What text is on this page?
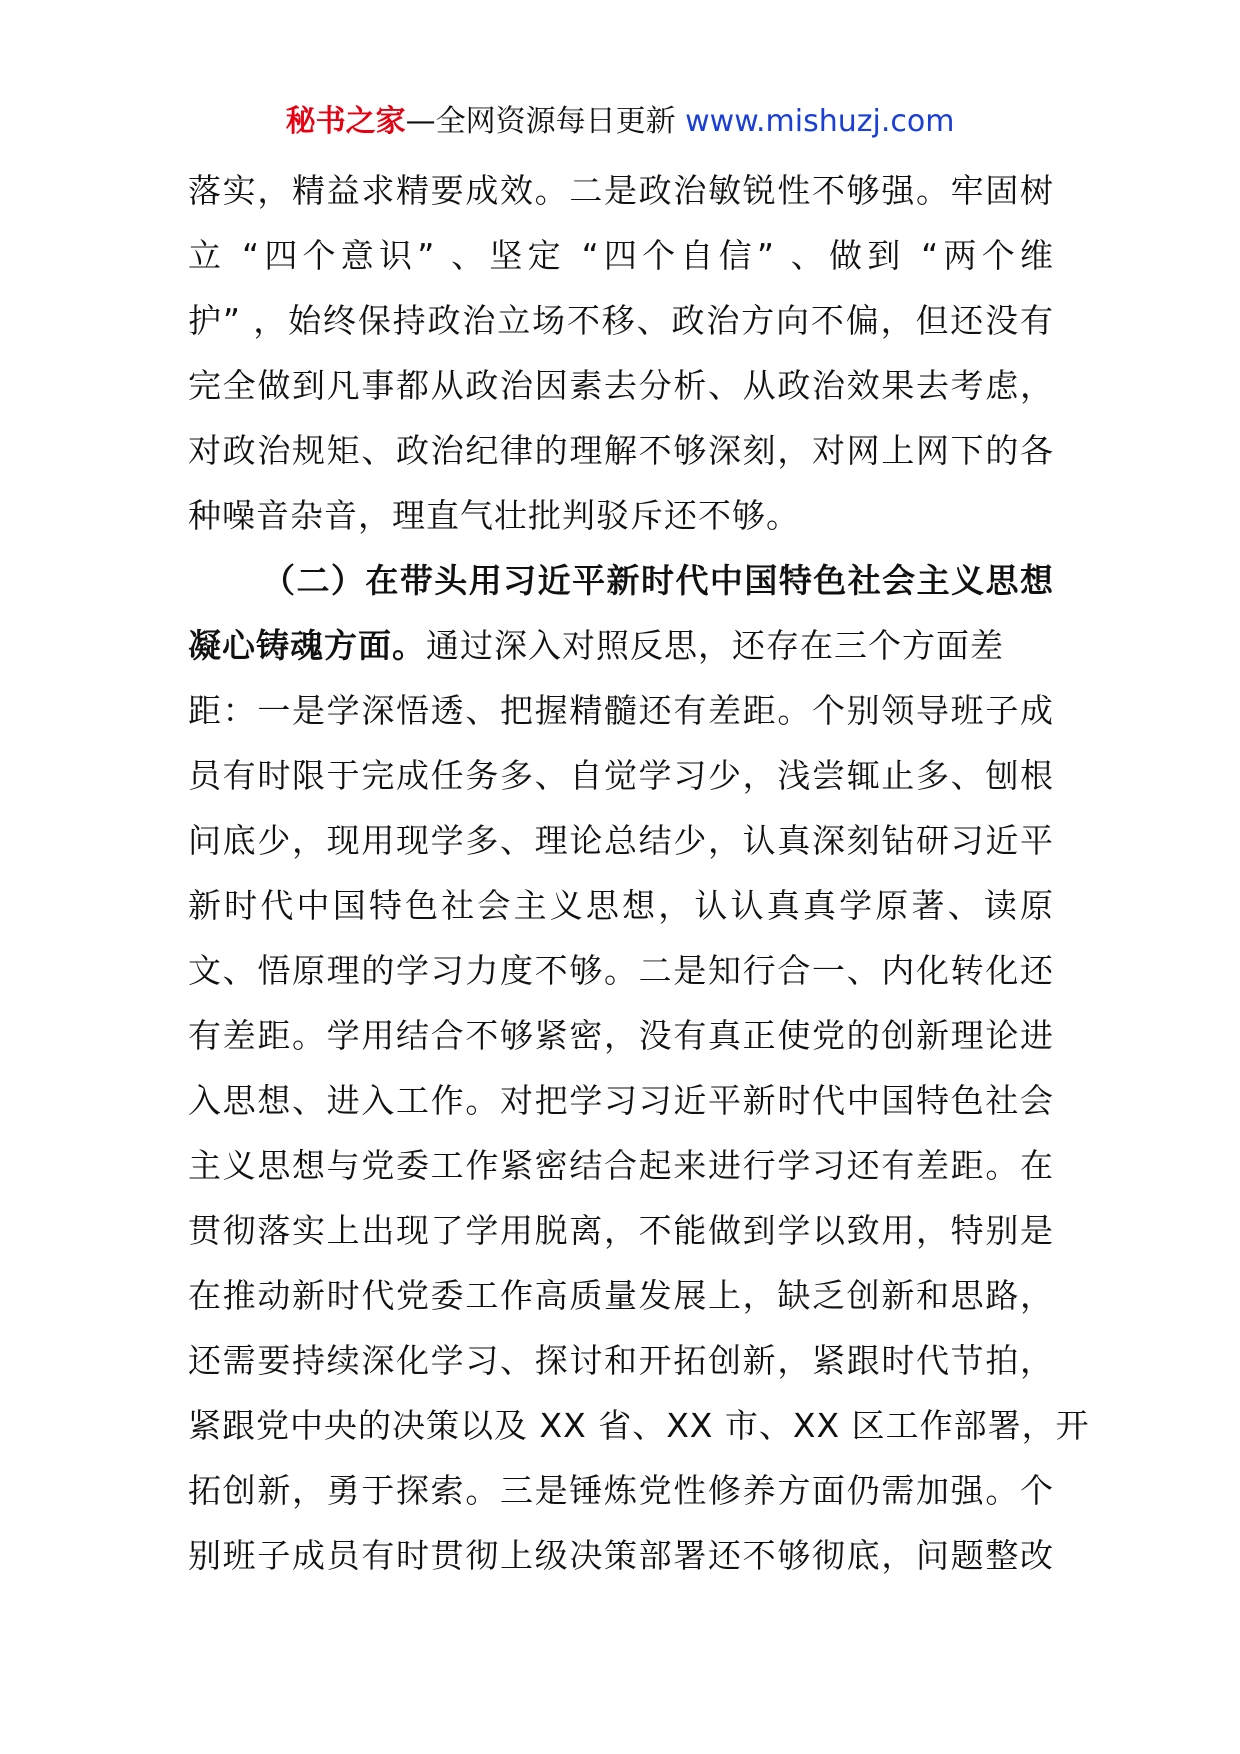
秘书之家—全网资源每日更新 www.mishuzj.com
落实，精益求精要成效。二是政治敏锐性不够强。牢固树
立 “四个意识” 、坚定 “四个自信” 、做到 “两个维
护” ，始终保持政治立场不移、政治方向不偏，但还没有
完全做到凡事都从政治因素去分析、从政治效果去考虑，
对政治规矩、政治纪律的理解不够深刻，对网上网下的各
种噪音杂音，理直气壮批判驳斥还不够。
（二）在带头用习近平新时代中国特色社会主义思想
凝心铸魂方面。通过深入对照反思，还存在三个方面差
距：一是学深悟透、把握精髓还有差距。个别领导班子成
员有时限于完成任务多、自觉学习少，浅尝辄止多、刨根
问底少，现用现学多、理论总结少，认真深刻钻研习近平
新时代中国特色社会主义思想，认认真真学原著、读原
文、悟原理的学习力度不够。二是知行合一、内化转化还
有差距。学用结合不够紧密，没有真正使党的创新理论进
入思想、进入工作。对把学习习近平新时代中国特色社会
主义思想与党委工作紧密结合起来进行学习还有差距。在
贯彻落实上出现了学用脱离，不能做到学以致用，特别是
在推动新时代党委工作高质量发展上，缺乏创新和思路，
还需要持续深化学习、探讨和开拓创新，紧跟时代节拍，
紧跟党中央的决策以及 XX 省、XX 市、XX 区工作部署，开
拓创新，勇于探索。三是锤炼党性修养方面仍需加强。个
别班子成员有时贯彻上级决策部署还不够彻底，问题整改
